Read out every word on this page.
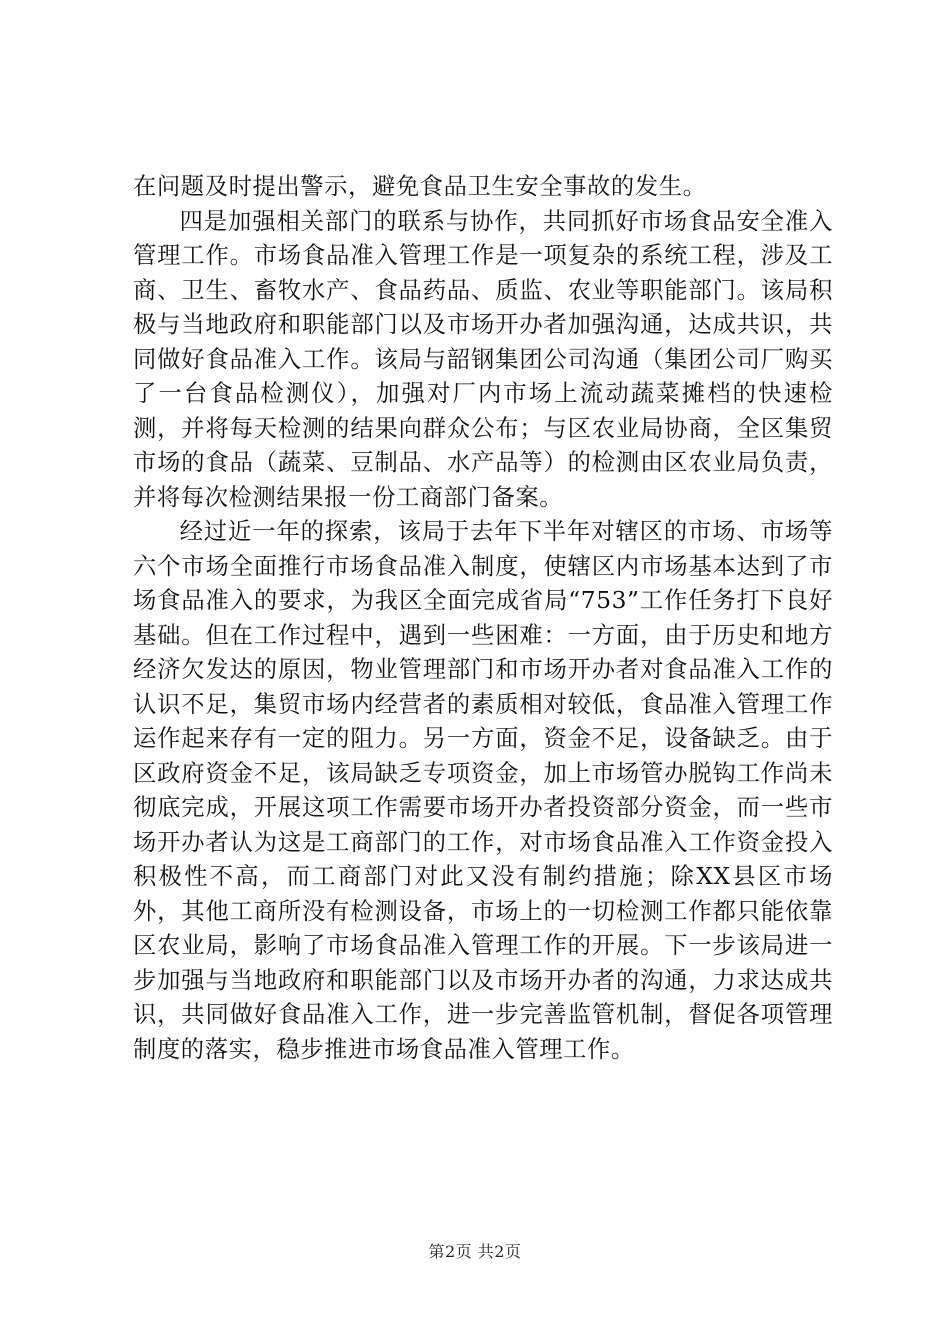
在问题及时提出警示，避免食品卫生安全事故的发生。

四是加强相关部门的联系与协作，共同抓好市场食品安全准入管理工作。市场食品准入管理工作是一项复杂的系统工程，涉及工商、卫生、畜牧水产、食品药品、质监、农业等职能部门。该局积极与当地政府和职能部门以及市场开办者加强沟通，达成共识，共同做好食品准入工作。该局与韶钢集团公司沟通（集团公司厂购买了一台食品检测仪），加强对厂内市场上流动蔬菜摊档的快速检测，并将每天检测的结果向群众公布；与区农业局协商，全区集贸市场的食品（蔬菜、豆制品、水产品等）的检测由区农业局负责，并将每次检测结果报一份工商部门备案。

经过近一年的探索，该局于去年下半年对辖区的市场、市场等六个市场全面推行市场食品准入制度，使辖区内市场基本达到了市场食品准入的要求，为我区全面完成省局“753”工作任务打下良好基础。但在工作过程中，遇到一些困难：一方面，由于历史和地方经济欠发达的原因，物业管理部门和市场开办者对食品准入工作的认识不足，集贸市场内经营者的素质相对较低，食品准入管理工作运作起来存有一定的阻力。另一方面，资金不足，设备缺乏。由于区政府资金不足，该局缺乏专项资金，加上市场管办脱钩工作尚未彻底完成，开展这项工作需要市场开办者投资部分资金，而一些市场开办者认为这是工商部门的工作，对市场食品准入工作资金投入积极性不高，而工商部门对此又没有制约措施；除XX县区市场外，其他工商所没有检测设备，市场上的一切检测工作都只能依靠区农业局，影响了市场食品准入管理工作的开展。下一步该局进一步加强与当地政府和职能部门以及市场开办者的沟通，力求达成共识，共同做好食品准入工作，进一步完善监管机制，督促各项管理制度的落实，稳步推进市场食品准入管理工作。

第2页 共2页
